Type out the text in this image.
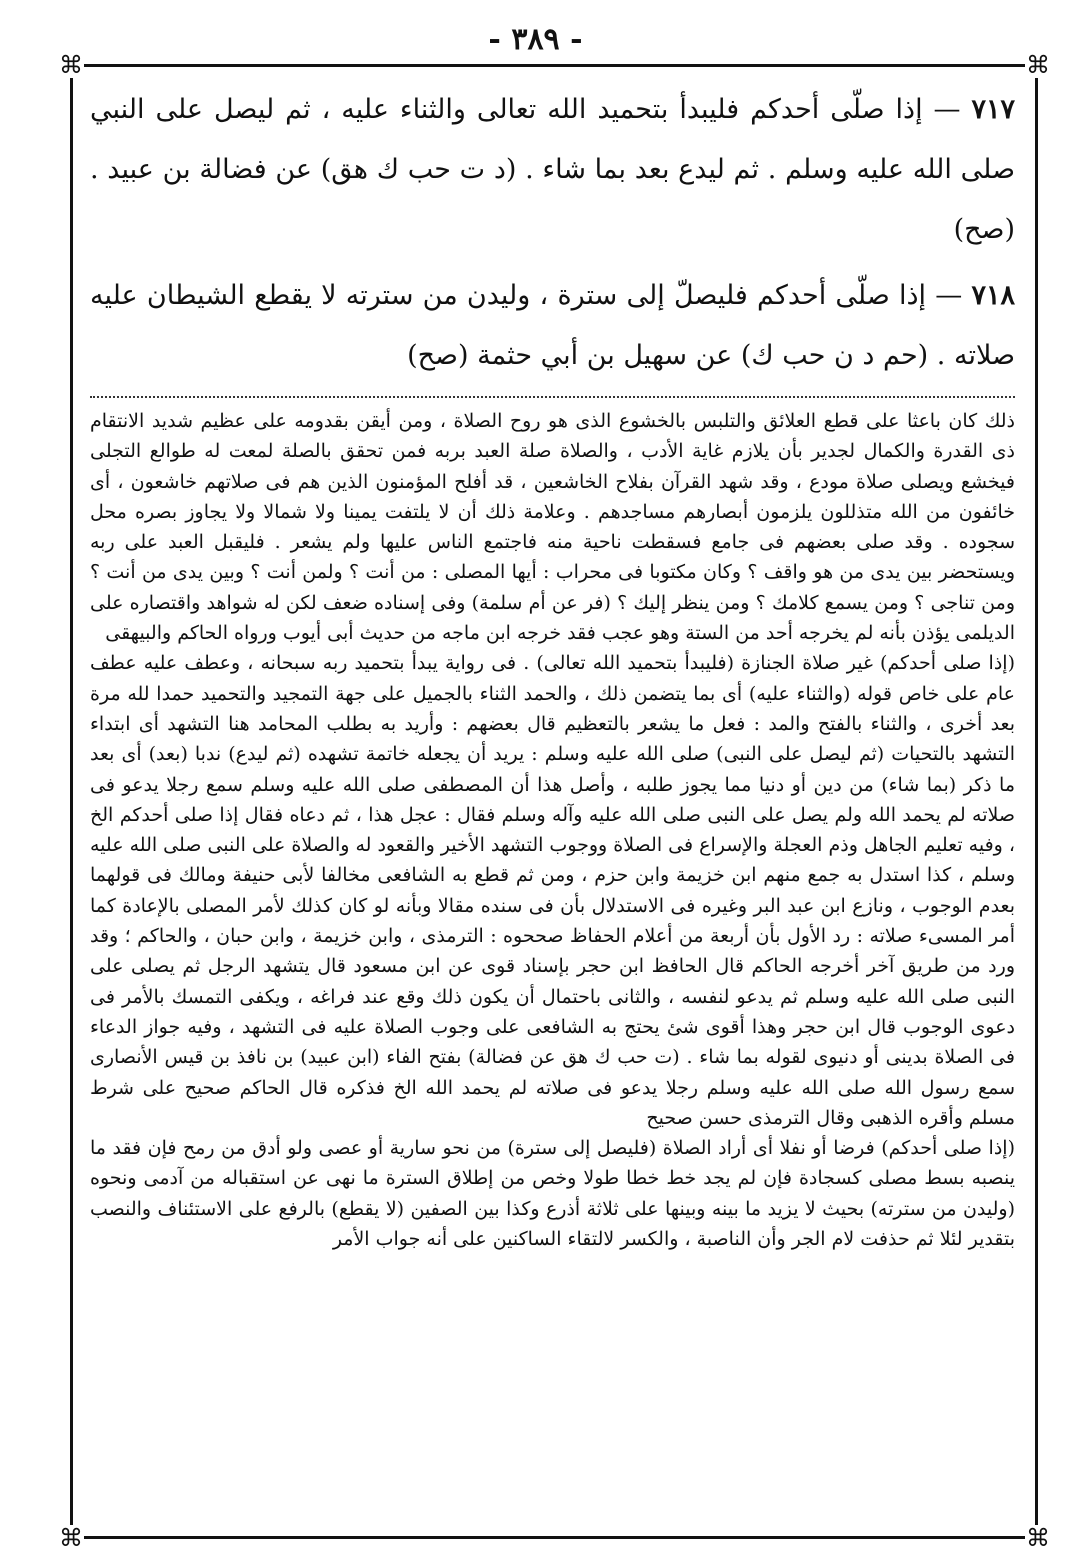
- ٣٨٩ -
⌘	⌘
⌘	⌘
٧١٧ — إذا صلّى أحدكم فليبدأ بتحميد الله تعالى والثناء عليه ، ثم ليصل على النبي صلى الله عليه وسلم . ثم ليدع بعد بما شاء . (د ت حب ك هق) عن فضالة بن عبيد . (صح)
٧١٨ — إذا صلّى أحدكم فليصلّ إلى سترة ، وليدن من سترته لا يقطع الشيطان عليه صلاته . (حم د ن حب ك) عن سهيل بن أبي حثمة (صح)

ذلك كان باعثا على قطع العلائق والتلبس بالخشوع الذى هو روح الصلاة ، ومن أيقن بقدومه على عظيم شديد الانتقام ذى القدرة والكمال لجدير بأن يلازم غاية الأدب ، والصلاة صلة العبد بربه فمن تحقق بالصلة لمعت له طوالع التجلى فيخشع ويصلى صلاة مودع ، وقد شهد القرآن بفلاح الخاشعين ، قد أفلح المؤمنون الذين هم فى صلاتهم خاشعون ، أى خائفون من الله متذللون يلزمون أبصارهم مساجدهم . وعلامة ذلك أن لا يلتفت يمينا ولا شمالا ولا يجاوز بصره محل سجوده . وقد صلى بعضهم فى جامع فسقطت ناحية منه فاجتمع الناس عليها ولم يشعر . فليقبل العبد على ربه ويستحضر بين يدى من هو واقف ؟ وكان مكتوبا فى محراب : أيها المصلى : من أنت ؟ ولمن أنت ؟ وبين يدى من أنت ؟ ومن تناجى ؟ ومن يسمع كلامك ؟ ومن ينظر إليك ؟ (فر عن أم سلمة) وفى إسناده ضعف لكن له شواهد واقتصاره على الديلمى يؤذن بأنه لم يخرجه أحد من الستة وهو عجب فقد خرجه ابن ماجه من حديث أبى أيوب ورواه الحاكم والبيهقى

(إذا صلى أحدكم) غير صلاة الجنازة (فليبدأ بتحميد الله تعالى) . فى رواية يبدأ بتحميد ربه سبحانه ، وعطف عليه عطف عام على خاص قوله (والثناء عليه) أى بما يتضمن ذلك ، والحمد الثناء بالجميل على جهة التمجيد والتحميد حمدا لله مرة بعد أخرى ، والثناء بالفتح والمد : فعل ما يشعر بالتعظيم قال بعضهم : وأريد به بطلب المحامد هنا التشهد أى ابتداء التشهد بالتحيات (ثم ليصل على النبى) صلى الله عليه وسلم : يريد أن يجعله خاتمة تشهده (ثم ليدع) ندبا (بعد) أى بعد ما ذكر (بما شاء) من دين أو دنيا مما يجوز طلبه ، وأصل هذا أن المصطفى صلى الله عليه وسلم سمع رجلا يدعو فى صلاته لم يحمد الله ولم يصل على النبى صلى الله عليه وآله وسلم فقال : عجل هذا ، ثم دعاه فقال إذا صلى أحدكم الخ ، وفيه تعليم الجاهل وذم العجلة والإسراع فى الصلاة ووجوب التشهد الأخير والقعود له والصلاة على النبى صلى الله عليه وسلم ، كذا استدل به جمع منهم ابن خزيمة وابن حزم ، ومن ثم قطع به الشافعى مخالفا لأبى حنيفة ومالك فى قولهما بعدم الوجوب ، ونازع ابن عبد البر وغيره فى الاستدلال بأن فى سنده مقالا وبأنه لو كان كذلك لأمر المصلى بالإعادة كما أمر المسىء صلاته : رد الأول بأن أربعة من أعلام الحفاظ صححوه : الترمذى ، وابن خزيمة ، وابن حبان ، والحاكم ؛ وقد ورد من طريق آخر أخرجه الحاكم قال الحافظ ابن حجر بإسناد قوى عن ابن مسعود قال يتشهد الرجل ثم يصلى على النبى صلى الله عليه وسلم ثم يدعو لنفسه ، والثانى باحتمال أن يكون ذلك وقع عند فراغه ، ويكفى التمسك بالأمر فى دعوى الوجوب قال ابن حجر وهذا أقوى شئ يحتج به الشافعى على وجوب الصلاة عليه فى التشهد ، وفيه جواز الدعاء فى الصلاة بدينى أو دنيوى لقوله بما شاء . (ت حب ك هق عن فضالة) بفتح الفاء (ابن عبيد) بن نافذ بن قيس الأنصارى سمع رسول الله صلى الله عليه وسلم رجلا يدعو فى صلاته لم يحمد الله الخ فذكره قال الحاكم صحيح على شرط مسلم وأقره الذهبى وقال الترمذى حسن صحيح

(إذا صلى أحدكم) فرضا أو نفلا أى أراد الصلاة (فليصل إلى سترة) من نحو سارية أو عصى ولو أدق من رمح فإن فقد ما ينصبه بسط مصلى كسجادة فإن لم يجد خط خطا طولا وخص من إطلاق السترة ما نهى عن استقباله من آدمى ونحوه (وليدن من سترته) بحيث لا يزيد ما بينه وبينها على ثلاثة أذرع وكذا بين الصفين (لا يقطع) بالرفع على الاستئناف والنصب بتقدير لئلا ثم حذفت لام الجر وأن الناصبة ، والكسر لالتقاء الساكنين على أنه جواب الأمر
